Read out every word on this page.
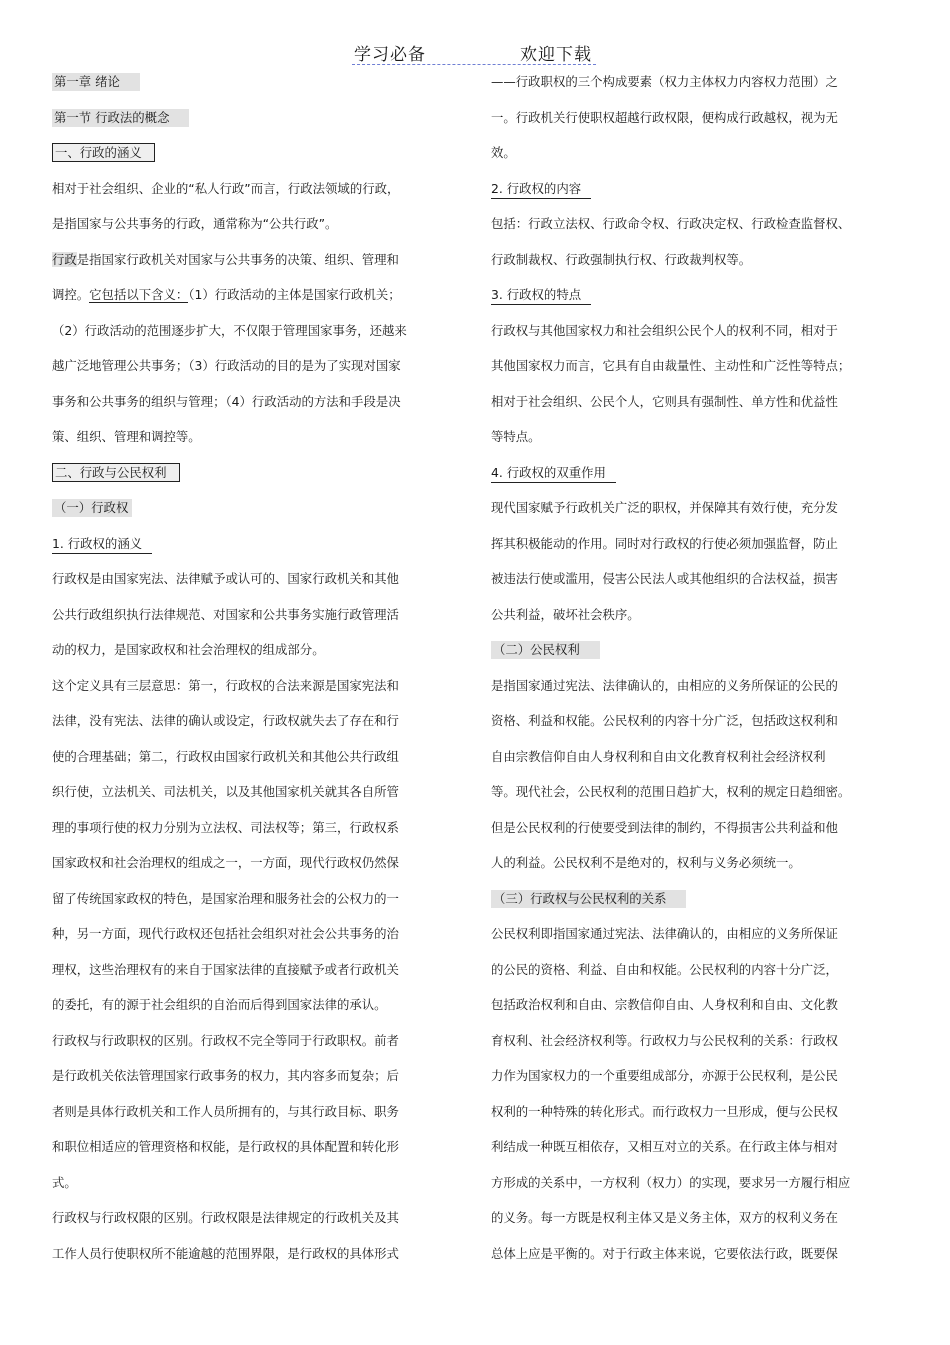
学习必备	欢迎下载
第一章 绪论
第一节 行政法的概念
一、行政的涵义
相对于社会组织、企业的“私人行政”而言，行政法领域的行政，
是指国家与公共事务的行政，通常称为“公共行政”。
行政是指国家行政机关对国家与公共事务的决策、组织、管理和
调控。它包括以下含义：（1）行政活动的主体是国家行政机关；
（2）行政活动的范围逐步扩大，不仅限于管理国家事务，还越来
越广泛地管理公共事务；（3）行政活动的目的是为了实现对国家
事务和公共事务的组织与管理；（4）行政活动的方法和手段是决
策、组织、管理和调控等。
二、行政与公民权利
（一）行政权
1. 行政权的涵义
行政权是由国家宪法、法律赋予或认可的、国家行政机关和其他
公共行政组织执行法律规范、对国家和公共事务实施行政管理活
动的权力，是国家政权和社会治理权的组成部分。
这个定义具有三层意思：第一，行政权的合法来源是国家宪法和
法律，没有宪法、法律的确认或设定，行政权就失去了存在和行
使的合理基础；第二，行政权由国家行政机关和其他公共行政组
织行使，立法机关、司法机关，以及其他国家机关就其各自所管
理的事项行使的权力分别为立法权、司法权等；第三，行政权系
国家政权和社会治理权的组成之一，一方面，现代行政权仍然保
留了传统国家政权的特色，是国家治理和服务社会的公权力的一
种，另一方面，现代行政权还包括社会组织对社会公共事务的治
理权，这些治理权有的来自于国家法律的直接赋予或者行政机关
的委托，有的源于社会组织的自治而后得到国家法律的承认。
行政权与行政职权的区别。行政权不完全等同于行政职权。前者
是行政机关依法管理国家行政事务的权力，其内容多而复杂；后
者则是具体行政机关和工作人员所拥有的，与其行政目标、职务
和职位相适应的管理资格和权能，是行政权的具体配置和转化形
式。
行政权与行政权限的区别。行政权限是法律规定的行政机关及其
工作人员行使职权所不能逾越的范围界限，是行政权的具体形式
——行政职权的三个构成要素（权力主体权力内容权力范围）之
一。行政机关行使职权超越行政权限，便构成行政越权，视为无
效。
2. 行政权的内容
包括：行政立法权、行政命令权、行政决定权、行政检查监督权、
行政制裁权、行政强制执行权、行政裁判权等。
3. 行政权的特点
行政权与其他国家权力和社会组织公民个人的权利不同，相对于
其他国家权力而言，它具有自由裁量性、主动性和广泛性等特点；
相对于社会组织、公民个人，它则具有强制性、单方性和优益性
等特点。
4. 行政权的双重作用
现代国家赋予行政机关广泛的职权，并保障其有效行使，充分发
挥其积极能动的作用。同时对行政权的行使必须加强监督，防止
被违法行使或滥用，侵害公民法人或其他组织的合法权益，损害
公共利益，破坏社会秩序。
（二）公民权利
是指国家通过宪法、法律确认的，由相应的义务所保证的公民的
资格、利益和权能。公民权利的内容十分广泛，包括政这权利和
自由宗教信仰自由人身权利和自由文化教育权利社会经济权利
等。现代社会，公民权利的范围日趋扩大，权利的规定日趋细密。
但是公民权利的行使要受到法律的制约，不得损害公共利益和他
人的利益。公民权利不是绝对的，权利与义务必须统一。
（三）行政权与公民权利的关系
公民权利即指国家通过宪法、法律确认的，由相应的义务所保证
的公民的资格、利益、自由和权能。公民权利的内容十分广泛，
包括政治权利和自由、宗教信仰自由、人身权利和自由、文化教
育权利、社会经济权利等。行政权力与公民权利的关系：行政权
力作为国家权力的一个重要组成部分，亦源于公民权利，是公民
权利的一种特殊的转化形式。而行政权力一旦形成，便与公民权
利结成一种既互相依存，又相互对立的关系。在行政主体与相对
方形成的关系中，一方权利（权力）的实现，要求另一方履行相应
的义务。每一方既是权利主体又是义务主体，双方的权利义务在
总体上应是平衡的。对于行政主体来说，它要依法行政，既要保
